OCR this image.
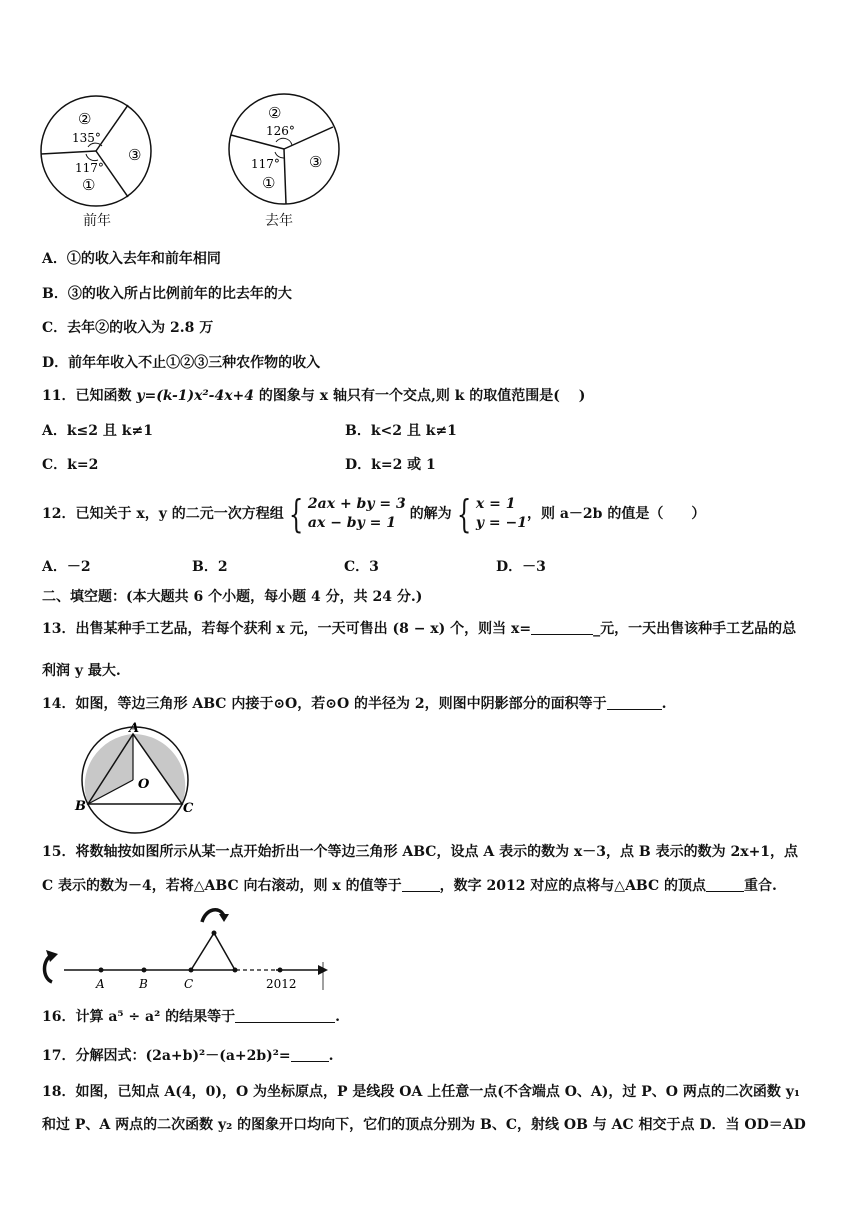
②
135°
③
117°
①
前年
②
126°
③
117°
①
去年
A．①的收入去年和前年相同
B．③的收入所占比例前年的比去年的大
C．去年②的收入为 2.8 万
D．前年年收入不止①②③三种农作物的收入
11．已知函数 y=(k-1)x²-4x+4 的图象与 x 轴只有一个交点,则 k 的取值范围是(　 )
A．k≤2 且 k≠1	B．k<2 且 k≠1
C．k=2	D．k=2 或 1
12．已知关于 x，y 的二元一次方程组 { 2ax + by = 3
ax − by = 1的解为 { x = 1
y = −1，则 a－2b 的值是（　　）
A．－2	B．2	C．3	D．－3
二、填空题：(本大题共 6 个小题，每小题 4 分，共 24 分.)
13．出售某种手工艺品，若每个获利 x 元，一天可售出 (8 − x) 个，则当 x=	_元，一天出售该种手工艺品的总
利润 y 最大.
14．如图，等边三角形 ABC 内接于⊙O，若⊙O 的半径为 2，则图中阴影部分的面积等于	.
A
B	C
O
15．将数轴按如图所示从某一点开始折出一个等边三角形 ABC，设点 A 表示的数为 x－3，点 B 表示的数为 2x+1，点
C 表示的数为－4，若将△ABC 向右滚动，则 x 的值等于	，数字 2012 对应的点将与△ABC 的顶点	重合.
A	B	C	2012
16．计算 a⁵ ÷ a² 的结果等于	.
17．分解因式：(2a+b)²－(a+2b)²=	.
18．如图，已知点 A(4，0)，O 为坐标原点，P 是线段 OA 上任意一点(不含端点 O、A)，过 P、O 两点的二次函数 y₁
和过 P、A 两点的二次函数 y₂ 的图象开口均向下，它们的顶点分别为 B、C，射线 OB 与 AC 相交于点 D．当 OD＝AD
